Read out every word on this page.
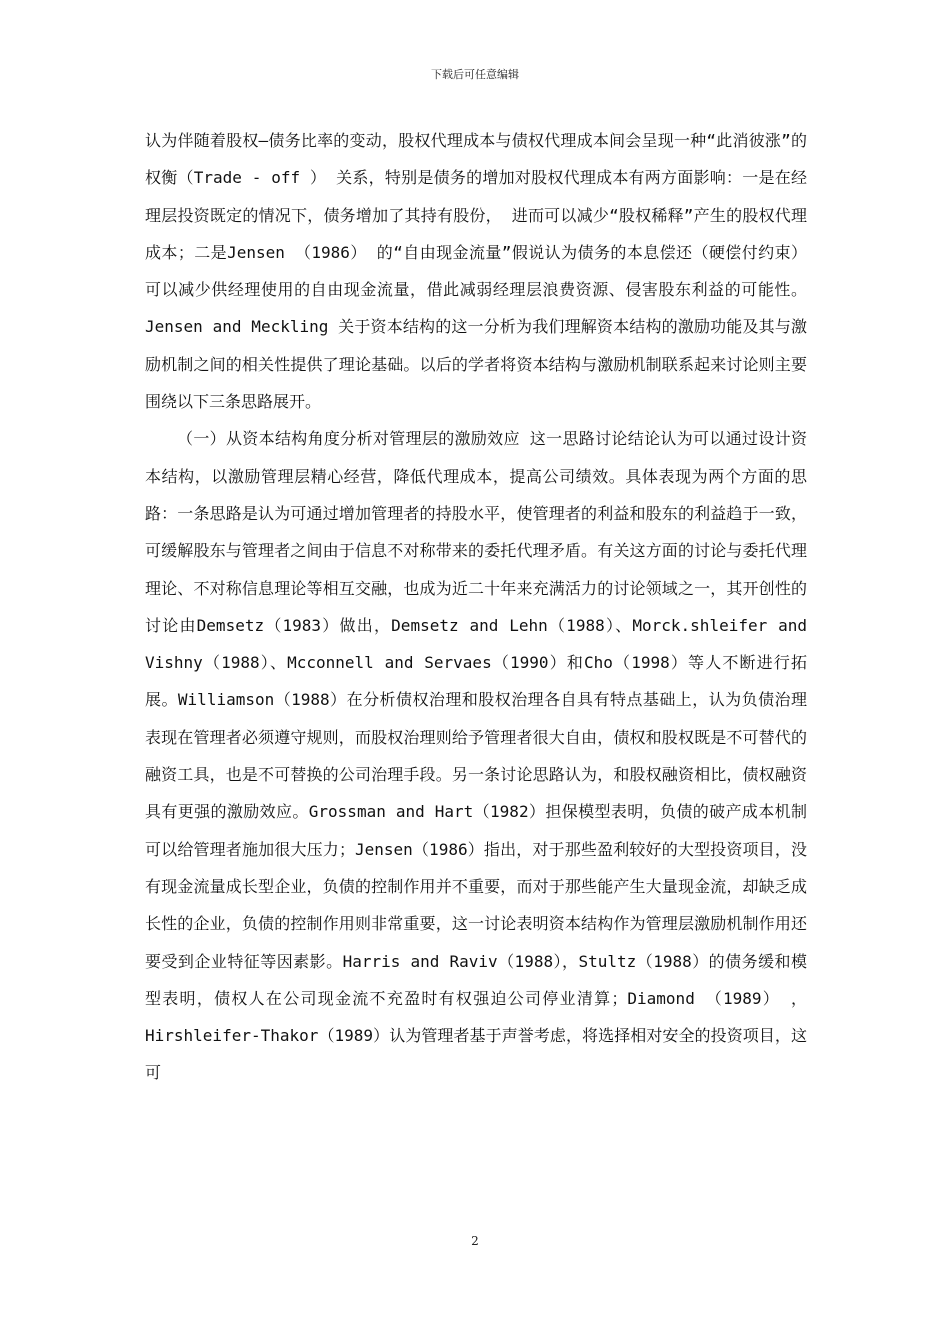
下载后可任意编辑

认为伴随着股权—债务比率的变动，股权代理成本与债权代理成本间会呈现一种“此消彼涨”的权衡（Trade - off ） 关系，特别是债务的增加对股权代理成本有两方面影响：一是在经理层投资既定的情况下，债务增加了其持有股份， 进而可以减少“股权稀释”产生的股权代理成本；二是Jensen （1986） 的“自由现金流量”假说认为债务的本息偿还（硬偿付约束）可以减少供经理使用的自由现金流量，借此减弱经理层浪费资源、侵害股东利益的可能性。Jensen and Meckling 关于资本结构的这一分析为我们理解资本结构的激励功能及其与激励机制之间的相关性提供了理论基础。以后的学者将资本结构与激励机制联系起来讨论则主要围绕以下三条思路展开。

（一）从资本结构角度分析对管理层的激励效应 这一思路讨论结论认为可以通过设计资本结构，以激励管理层精心经营，降低代理成本，提高公司绩效。具体表现为两个方面的思路：一条思路是认为可通过增加管理者的持股水平，使管理者的利益和股东的利益趋于一致，可缓解股东与管理者之间由于信息不对称带来的委托代理矛盾。有关这方面的讨论与委托代理理论、不对称信息理论等相互交融，也成为近二十年来充满活力的讨论领域之一，其开创性的讨论由Demsetz（1983）做出，Demsetz and Lehn（1988）、Morck.shleifer and Vishny（1988）、Mcconnell and Servaes（1990）和Cho（1998）等人不断进行拓展。Williamson（1988）在分析债权治理和股权治理各自具有特点基础上，认为负债治理表现在管理者必须遵守规则，而股权治理则给予管理者很大自由，债权和股权既是不可替代的融资工具，也是不可替换的公司治理手段。另一条讨论思路认为，和股权融资相比，债权融资具有更强的激励效应。Grossman and Hart（1982）担保模型表明，负债的破产成本机制可以给管理者施加很大压力；Jensen（1986）指出，对于那些盈利较好的大型投资项目，没有现金流量成长型企业，负债的控制作用并不重要，而对于那些能产生大量现金流，却缺乏成长性的企业，负债的控制作用则非常重要，这一讨论表明资本结构作为管理层激励机制作用还要受到企业特征等因素影。Harris and Raviv（1988），Stultz（1988）的债务缓和模型表明，债权人在公司现金流不充盈时有权强迫公司停业清算；Diamond （1989） ，Hirshleifer-Thakor（1989）认为管理者基于声誉考虑，将选择相对安全的投资项目，这可

2
